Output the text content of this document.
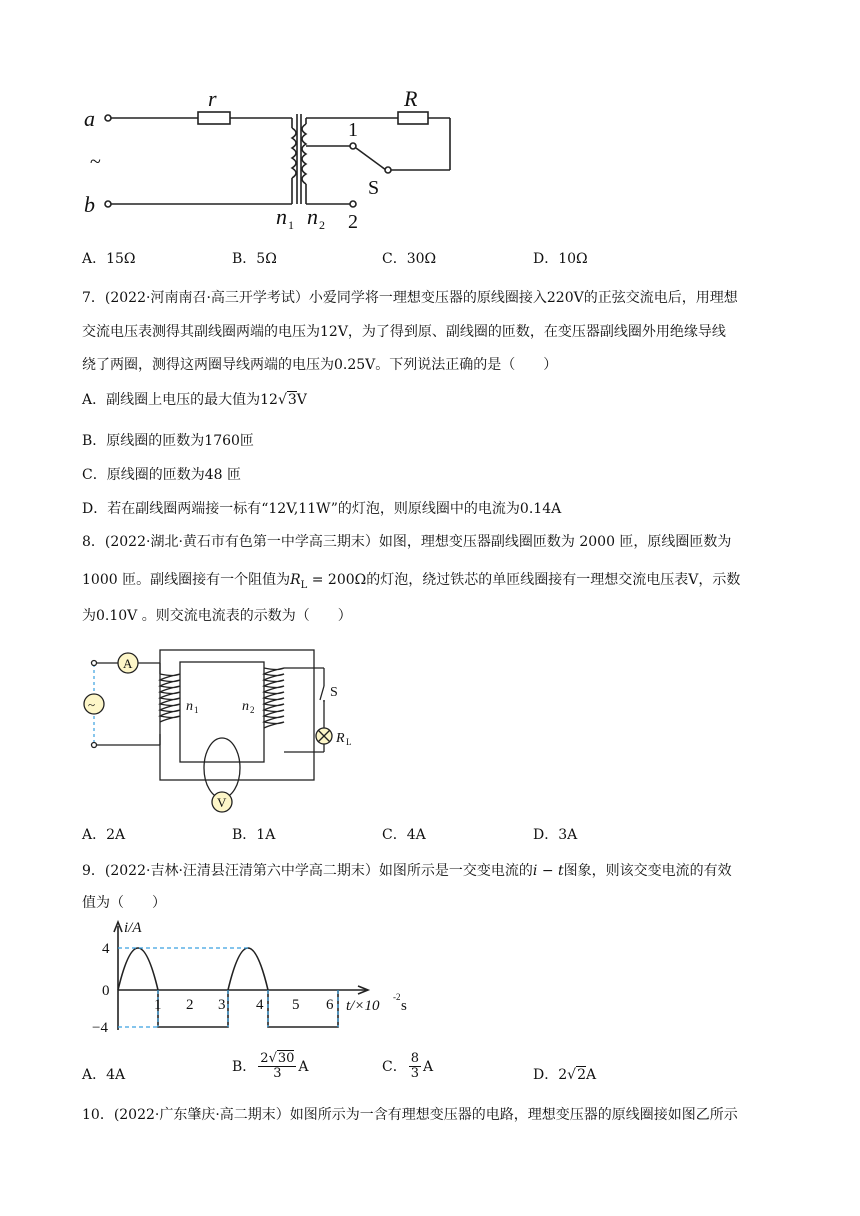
a
b
r	R
n n
1 2
~
1
2
S
A．15Ω	B．5Ω	C．30Ω	D．10Ω
7．(2022·河南南召·高三开学考试）小爱同学将一理想变压器的原线圈接入220V的正弦交流电后，用理想
交流电压表测得其副线圈两端的电压为12V，为了得到原、副线圈的匝数，在变压器副线圈外用绝缘导线
绕了两圈，测得这两圈导线两端的电压为0.25V。下列说法正确的是（　　）
A．副线圈上电压的最大值为12√3V
B．原线圈的匝数为1760匝
C．原线圈的匝数为48 匝
D．若在副线圈两端接一标有“12V,11W”的灯泡，则原线圈中的电流为0.14A
8．(2022·湖北·黄石市有色第一中学高三期末）如图，理想变压器副线圈匝数为 2000 匝，原线圈匝数为
1000 匝。副线圈接有一个阻值为$R_L = 200\Omega$的灯泡，绕过铁芯的单匝线圈接有一理想交流电压表V，示数
为0.10V 。则交流电流表的示数为（　　）
A
V
~
S
n	n
R
1	2
L
A．2A	B．1A	C．4A	D．3A
9．(2022·吉林·汪清县汪清第六中学高二期末）如图所示是一交变电流的i − t图象，则该交变电流的有效
值为（　　）
4
0
−4
1 2 3 4 5 6
i/A
t/×10
-2
s
A．4A
B． $\frac{2√30}{3}$ A	C． $\frac{8}{3}$ A
D．2√2A
10．(2022·广东肇庆·高二期末）如图所示为一含有理想变压器的电路，理想变压器的原线圈接如图乙所示
